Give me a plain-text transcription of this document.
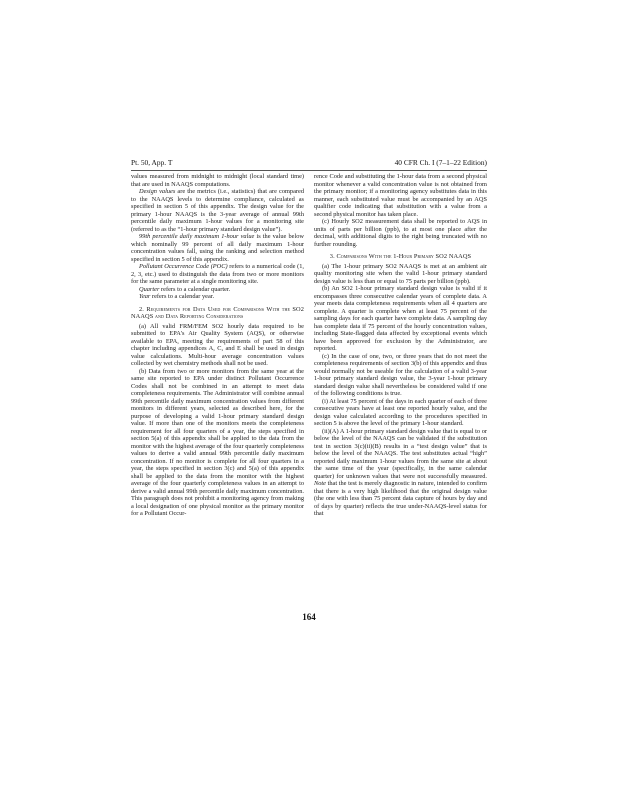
Pt. 50, App. T	40 CFR Ch. I (7–1–22 Edition)

values measured from midnight to midnight (local standard time) that are used in NAAQS computations.

Design values are the metrics (i.e., statistics) that are compared to the NAAQS levels to determine compliance, calculated as specified in section 5 of this appendix. The design value for the primary 1-hour NAAQS is the 3-year average of annual 99th percentile daily maximum 1-hour values for a monitoring site (referred to as the “1-hour primary standard design value”).

99th percentile daily maximum 1-hour value is the value below which nominally 99 percent of all daily maximum 1-hour concentration values fall, using the ranking and selection method specified in section 5 of this appendix.

Pollutant Occurrence Code (POC) refers to a numerical code (1, 2, 3, etc.) used to distinguish the data from two or more monitors for the same parameter at a single monitoring site.

Quarter refers to a calendar quarter.

Year refers to a calendar year.

2. Requirements for Data Used for Comparisons With the SO2 NAAQS and Data Reporting Considerations

(a) All valid FRM/FEM SO2 hourly data required to be submitted to EPA's Air Quality System (AQS), or otherwise available to EPA, meeting the requirements of part 58 of this chapter including appendices A, C, and E shall be used in design value calculations. Multi-hour average concentration values collected by wet chemistry methods shall not be used.

(b) Data from two or more monitors from the same year at the same site reported to EPA under distinct Pollutant Occurrence Codes shall not be combined in an attempt to meet data completeness requirements. The Administrator will combine annual 99th percentile daily maximum concentration values from different monitors in different years, selected as described here, for the purpose of developing a valid 1-hour primary standard design value. If more than one of the monitors meets the completeness requirement for all four quarters of a year, the steps specified in section 5(a) of this appendix shall be applied to the data from the monitor with the highest average of the four quarterly completeness values to derive a valid annual 99th percentile daily maximum concentration. If no monitor is complete for all four quarters in a year, the steps specified in section 3(c) and 5(a) of this appendix shall be applied to the data from the monitor with the highest average of the four quarterly completeness values in an attempt to derive a valid annual 99th percentile daily maximum concentration. This paragraph does not prohibit a monitoring agency from making a local designation of one physical monitor as the primary monitor for a Pollutant Occur-

rence Code and substituting the 1-hour data from a second physical monitor whenever a valid concentration value is not obtained from the primary monitor; if a monitoring agency substitutes data in this manner, each substituted value must be accompanied by an AQS qualifier code indicating that substitution with a value from a second physical monitor has taken place.

(c) Hourly SO2 measurement data shall be reported to AQS in units of parts per billion (ppb), to at most one place after the decimal, with additional digits to the right being truncated with no further rounding.

3. Comparisons With the 1-Hour Primary SO2 NAAQS

(a) The 1-hour primary SO2 NAAQS is met at an ambient air quality monitoring site when the valid 1-hour primary standard design value is less than or equal to 75 parts per billion (ppb).

(b) An SO2 1-hour primary standard design value is valid if it encompasses three consecutive calendar years of complete data. A year meets data completeness requirements when all 4 quarters are complete. A quarter is complete when at least 75 percent of the sampling days for each quarter have complete data. A sampling day has complete data if 75 percent of the hourly concentration values, including State-flagged data affected by exceptional events which have been approved for exclusion by the Administrator, are reported.

(c) In the case of one, two, or three years that do not meet the completeness requirements of section 3(b) of this appendix and thus would normally not be useable for the calculation of a valid 3-year 1-hour primary standard design value, the 3-year 1-hour primary standard design value shall nevertheless be considered valid if one of the following conditions is true.

(i) At least 75 percent of the days in each quarter of each of three consecutive years have at least one reported hourly value, and the design value calculated according to the procedures specified in section 5 is above the level of the primary 1-hour standard.

(ii)(A) A 1-hour primary standard design value that is equal to or below the level of the NAAQS can be validated if the substitution test in section 3(c)(ii)(B) results in a “test design value” that is below the level of the NAAQS. The test substitutes actual “high” reported daily maximum 1-hour values from the same site at about the same time of the year (specifically, in the same calendar quarter) for unknown values that were not successfully measured. Note that the test is merely diagnostic in nature, intended to confirm that there is a very high likelihood that the original design value (the one with less than 75 percent data capture of hours by day and of days by quarter) reflects the true under-NAAQS-level status for that

164
